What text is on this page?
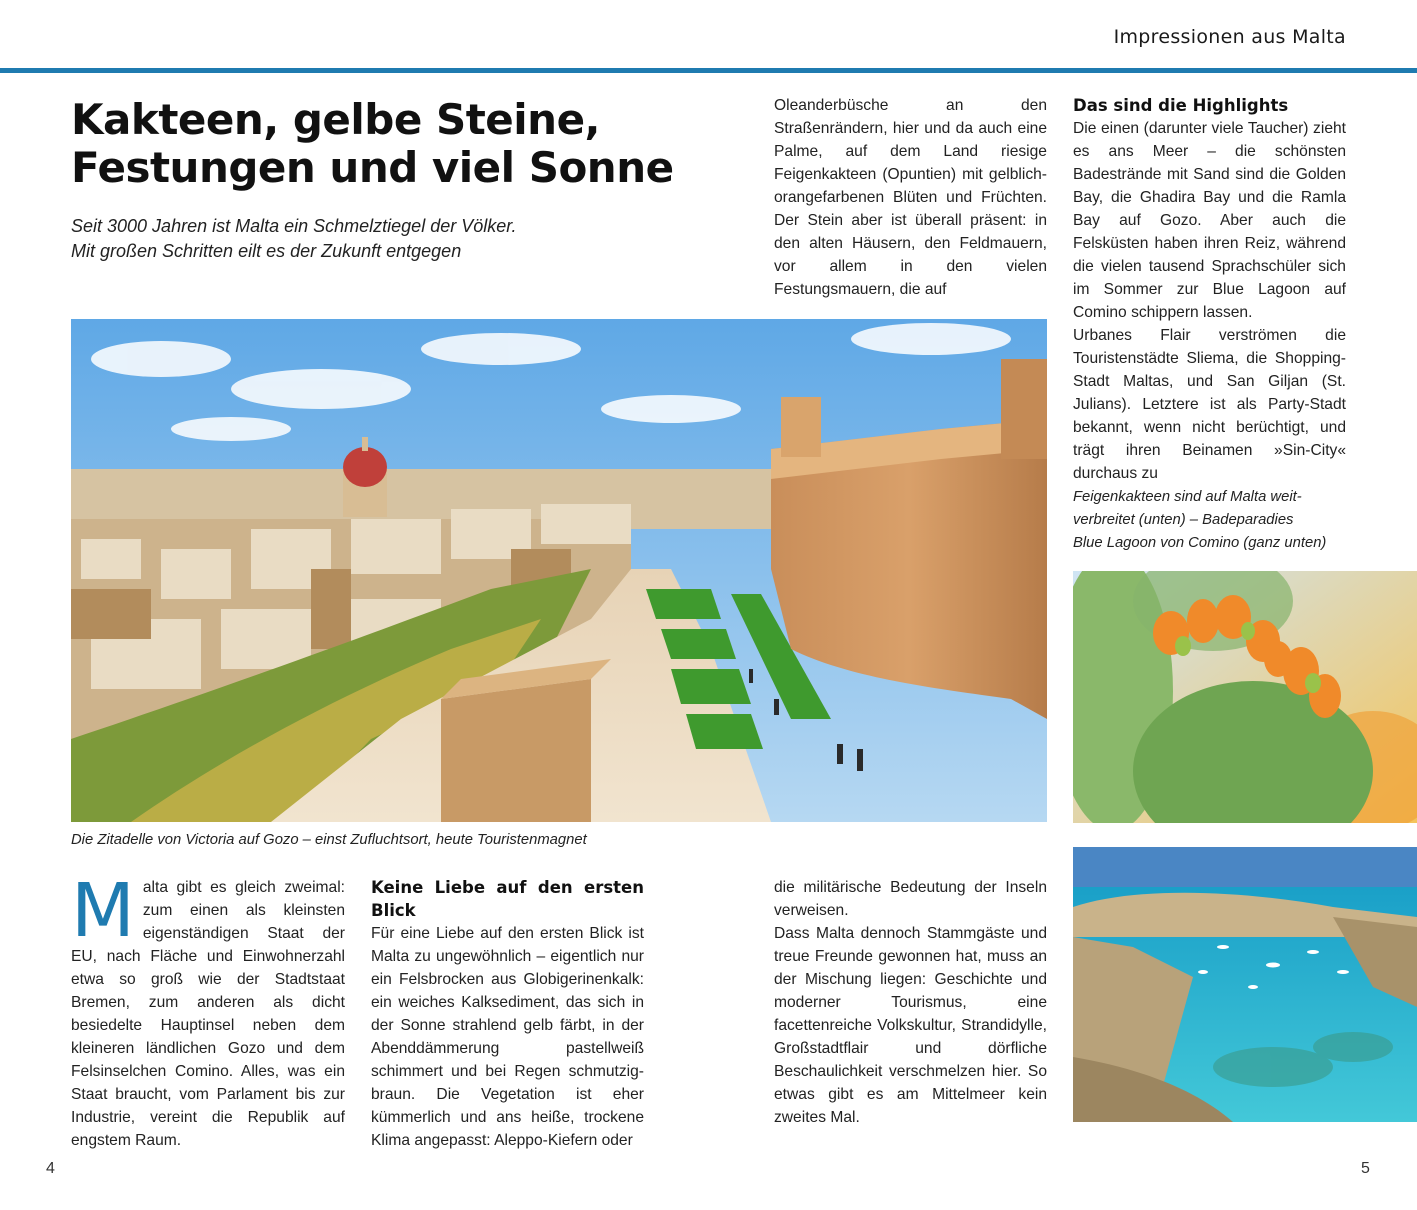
Impressionen aus Malta
Kakteen, gelbe Steine,
Festungen und viel Sonne

Seit 3000 Jahren ist Malta ein Schmelztiegel der Völker.
Mit großen Schritten eilt es der Zukunft entgegen

Oleanderbüsche an den Straßenrändern, hier und da auch eine Palme, auf dem Land riesige Feigenkakteen (Opuntien) mit gelblich-orangefarbenen Blüten und Früchten. Der Stein aber ist überall präsent: in den alten Häusern, den Feldmauern, vor allem in den vielen Festungsmauern, die auf

Das sind die Highlights

Die einen (darunter viele Taucher) zieht es ans Meer – die schönsten Badestrände mit Sand sind die Golden Bay, die Ghadira Bay und die Ramla Bay auf Gozo. Aber auch die Felsküsten haben ihren Reiz, während die vielen tausend Sprachschüler sich im Sommer zur Blue Lagoon auf Comino schippern lassen.

Urbanes Flair verströmen die Touristenstädte Sliema, die Shopping-Stadt Maltas, und San Giljan (St. Julians). Letztere ist als Party-Stadt bekannt, wenn nicht berüchtigt, und trägt ihren Beinamen »Sin-City« durchaus zu

Feigenkakteen sind auf Malta weit-
verbreitet (unten) – Badeparadies
Blue Lagoon von Comino (ganz unten)
Die Zitadelle von Victoria auf Gozo – einst Zufluchtsort, heute Touristenmagnet
M alta gibt es gleich zweimal: zum einen als kleinsten eigenständigen Staat der EU, nach Fläche und Einwohnerzahl etwa so groß wie der Stadtstaat Bremen, zum anderen als dicht besiedelte Hauptinsel neben dem kleineren ländlichen Gozo und dem Felsinselchen Comino. Alles, was ein Staat braucht, vom Parlament bis zur Industrie, vereint die Republik auf engstem Raum.

Keine Liebe auf den ersten Blick

Für eine Liebe auf den ersten Blick ist Malta zu ungewöhnlich – eigentlich nur ein Felsbrocken aus Globigerinenkalk: ein weiches Kalksediment, das sich in der Sonne strahlend gelb färbt, in der Abenddämmerung pastellweiß schimmert und bei Regen schmutzig-braun. Die Vegetation ist eher kümmerlich und ans heiße, trockene Klima angepasst: Aleppo-Kiefern oder

die militärische Bedeutung der Inseln verweisen.

Dass Malta dennoch Stammgäste und treue Freunde gewonnen hat, muss an der Mischung liegen: Geschichte und moderner Tourismus, eine facettenreiche Volkskultur, Strandidylle, Großstadtflair und dörfliche Beschaulichkeit verschmelzen hier. So etwas gibt es am Mittelmeer kein zweites Mal.

4	5
